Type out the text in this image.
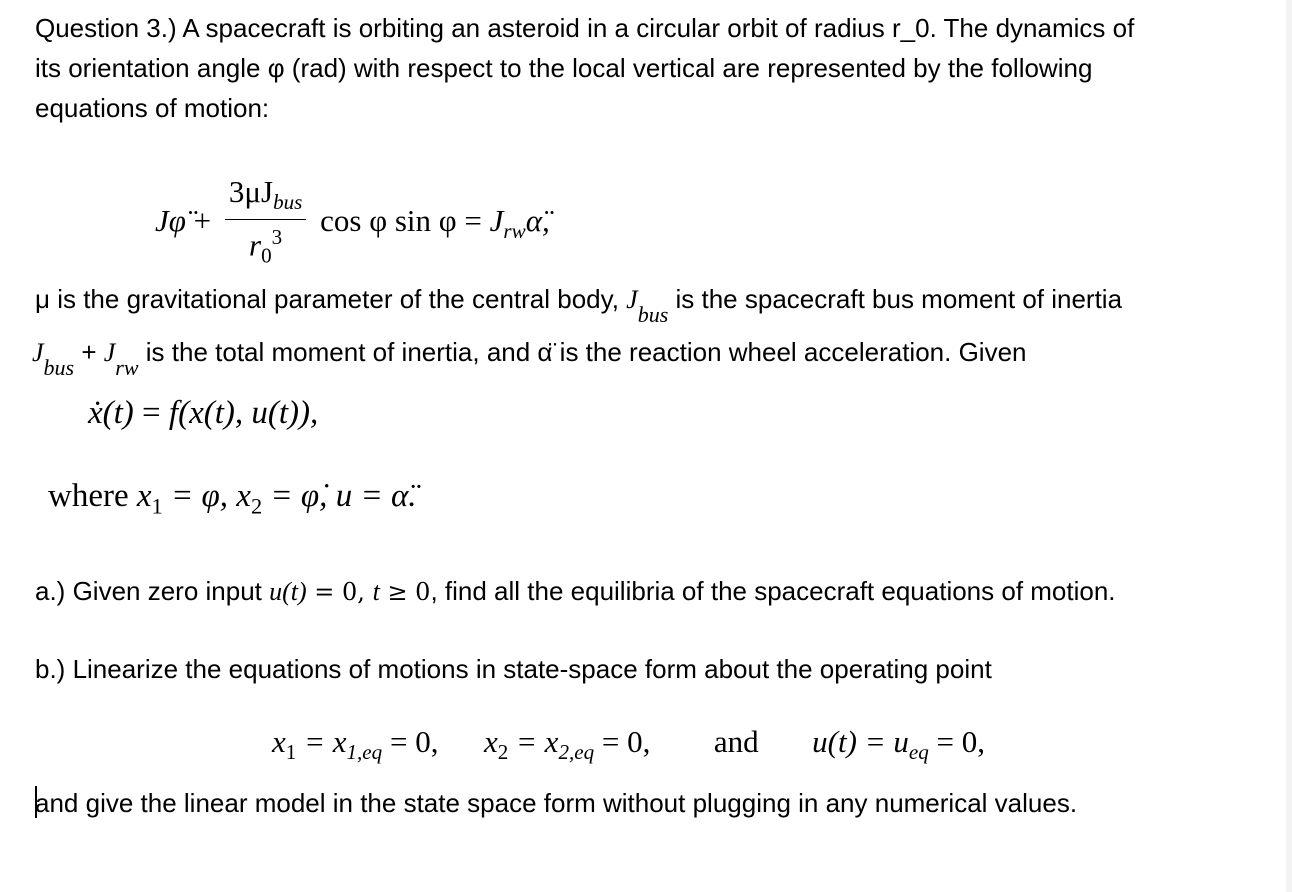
Question 3.) A spacecraft is orbiting an asteroid in a circular orbit of radius r_0. The dynamics of
its orientation angle φ (rad) with respect to the local vertical are represented by the following
equations of motion:
Jφ̈ + $\frac{3\mu J_{bus}}{r_0^3}$ cos φ $\sin \varphi = J_{rw}\alphä$,
μ is the gravitational parameter of the central body, $J_{bus}$ is the spacecraft bus moment of inertia
$J_{bus} + J_{rw}$ is the total moment of inertia, and α̈ is the reaction wheel acceleration. Given
ẋ(t) = f(x(t), u(t)),
where $x_1 = \varphi$, $x_2$ = φ̇, u = α̈.
a.) Given zero input u(t) = 0, t ≥ 0, find all the equilibria of the spacecraft equations of motion.
b.) Linearize the equations of motions in state-space form about the operating point
$x_1 = x_{1,eq} = 0$, $x_2 = x_{2,eq} = 0$, and $u(t) = u_{eq} = 0$,
and give the linear model in the state space form without plugging in any numerical values.
